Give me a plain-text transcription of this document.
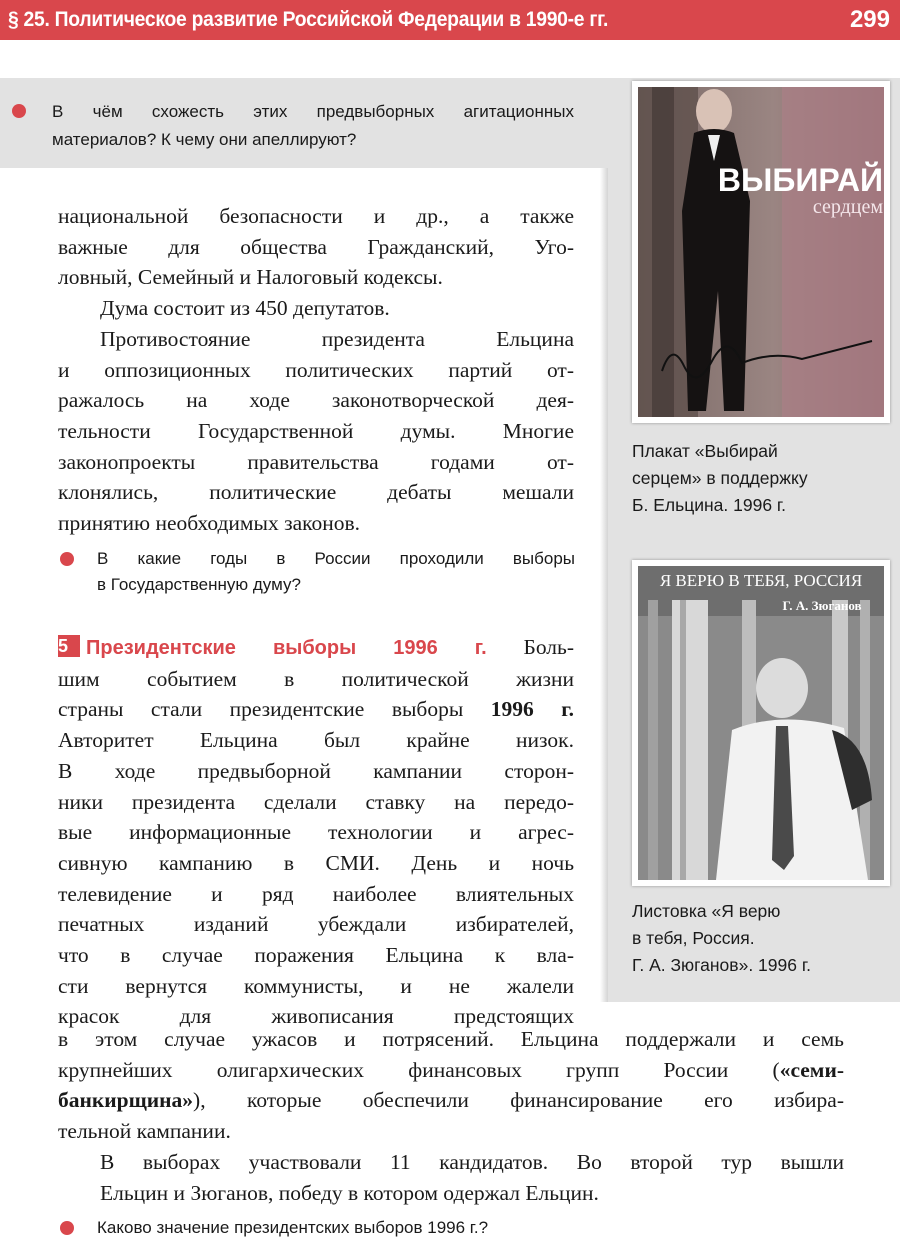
§ 25. Политическое развитие Российской Федерации в 1990-е гг.	299
В чём схожесть этих предвыборных агитационных
материалов? К чему они апеллируют?
национальной безопасности и др., а также
важные для общества Гражданский, Уго-
ловный, Семейный и Налоговый кодексы.
Дума состоит из 450 депутатов.
Противостояние президента Ельцина
и оппозиционных политических партий от-
ражалось на ходе законотворческой дея-
тельности Государственной думы. Многие
законопроекты правительства годами от-
клонялись, политические дебаты мешали
принятию необходимых законов.
В какие годы в России проходили выборы
в Государственную думу?
5 Президентские выборы 1996 г. Боль-
шим событием в политической жизни
страны стали президентские выборы 1996 г.
Авторитет Ельцина был крайне низок.
В ходе предвыборной кампании сторон-
ники президента сделали ставку на передо-
вые информационные технологии и агрес-
сивную кампанию в СМИ. День и ночь
телевидение и ряд наиболее влиятельных
печатных изданий убеждали избирателей,
что в случае поражения Ельцина к вла-
сти вернутся коммунисты, и не жалели
красок для живописания предстоящих
в этом случае ужасов и потрясений. Ельцина поддержали и семь
крупнейших олигархических финансовых групп России («семи-
банкирщина»), которые обеспечили финансирование его избира-
тельной кампании.
В выборах участвовали 11 кандидатов. Во второй тур вышли
Ельцин и Зюганов, победу в котором одержал Ельцин.
Каково значение президентских выборов 1996 г.?
ВЫБИРАЙ
сердцем
Плакат «Выбирай
серцем» в поддержку
Б. Ельцина. 1996 г.
Я ВЕРЮ В ТЕБЯ, РОССИЯ
Г. А. Зюганов
Листовка «Я верю
в тебя, Россия.
Г. А. Зюганов». 1996 г.
